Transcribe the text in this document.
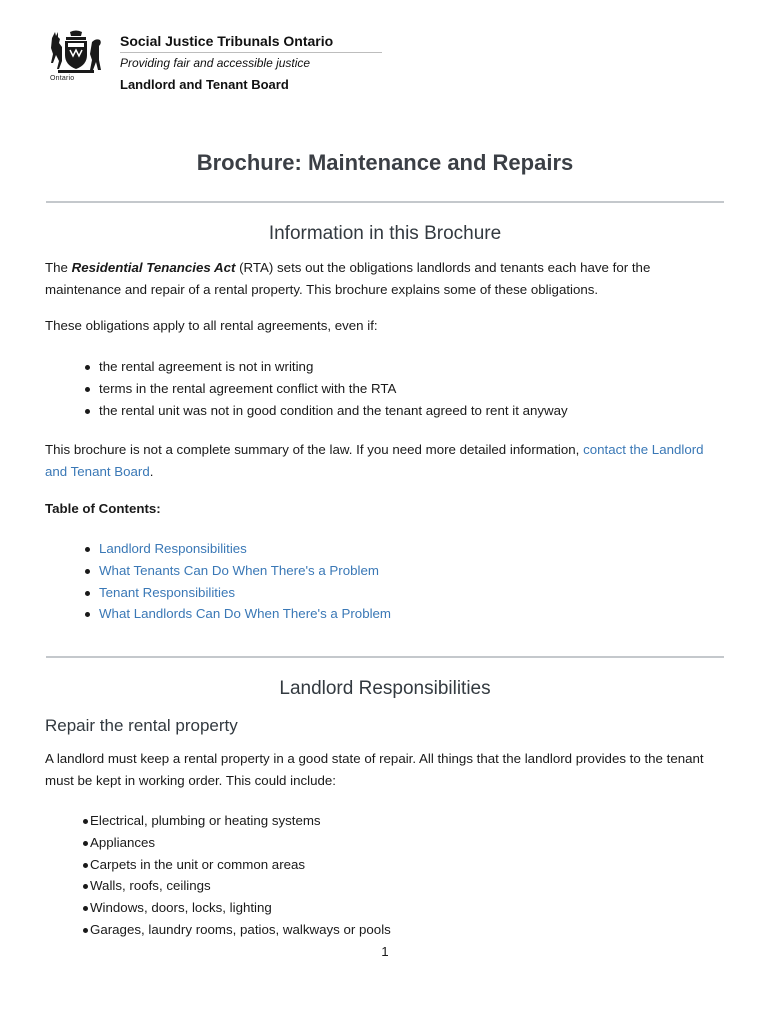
Ontario
Social Justice Tribunals Ontario
Providing fair and accessible justice
Landlord and Tenant Board
Brochure: Maintenance and Repairs
Information in this Brochure
The Residential Tenancies Act (RTA) sets out the obligations landlords and tenants each have for the maintenance and repair of a rental property. This brochure explains some of these obligations.
These obligations apply to all rental agreements, even if:
the rental agreement is not in writing
terms in the rental agreement conflict with the RTA
the rental unit was not in good condition and the tenant agreed to rent it anyway
This brochure is not a complete summary of the law. If you need more detailed information, contact the Landlord and Tenant Board.
Table of Contents:
Landlord Responsibilities
What Tenants Can Do When There's a Problem
Tenant Responsibilities
What Landlords Can Do When There's a Problem
Landlord Responsibilities
Repair the rental property
A landlord must keep a rental property in a good state of repair. All things that the landlord provides to the tenant must be kept in working order. This could include:
Electrical, plumbing or heating systems
Appliances
Carpets in the unit or common areas
Walls, roofs, ceilings
Windows, doors, locks, lighting
Garages, laundry rooms, patios, walkways or pools
1
